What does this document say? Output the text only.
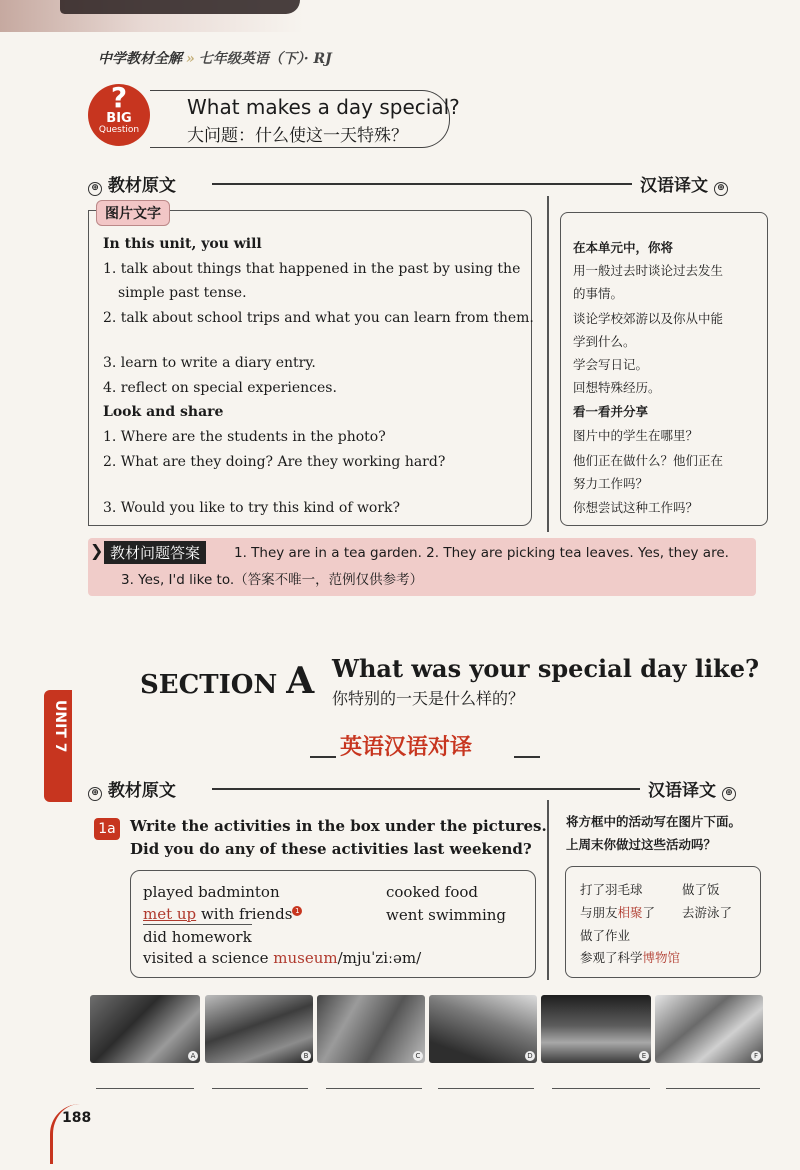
中学教材全解 » 七年级英语（下）· RJ
?
BIG
Question
What makes a day special?
大问题：什么使这一天特殊？
⊕ 教材原文	汉语译文 ⊕
图片文字
In this unit, you will
1. talk about things that happened in the past by using the
simple past tense.
2. talk about school trips and what you can learn from them.
3. learn to write a diary entry.
4. reflect on special experiences.
Look and share
1. Where are the students in the photo?
2. What are they doing? Are they working hard?
3. Would you like to try this kind of work?
在本单元中，你将
用一般过去时谈论过去发生
的事情。
谈论学校郊游以及你从中能
学到什么。
学会写日记。
回想特殊经历。
看一看并分享
图片中的学生在哪里？
他们正在做什么？他们正在
努力工作吗？
你想尝试这种工作吗？
❯ 教材问题答案	1. They are in a tea garden. 2. They are picking tea leaves. Yes, they are.
3. Yes, I'd like to.（答案不唯一，范例仅供参考）
SECTION A What was your special day like?
你特别的一天是什么样的？
英语汉语对译
UNIT 7
⊕ 教材原文	汉语译文 ⊕
1a Write the activities in the box under the pictures.
Did you do any of these activities last weekend?
将方框中的活动写在图片下面。
上周末你做过这些活动吗？
played badminton	cooked food
met up with friends 1	went swimming
did homework
visited a science museum/mjuˈziːəm/
打了羽毛球	做了饭
与朋友相聚了 去游泳了
做了作业
参观了科学博物馆
A	B	C	D	E	F
188
